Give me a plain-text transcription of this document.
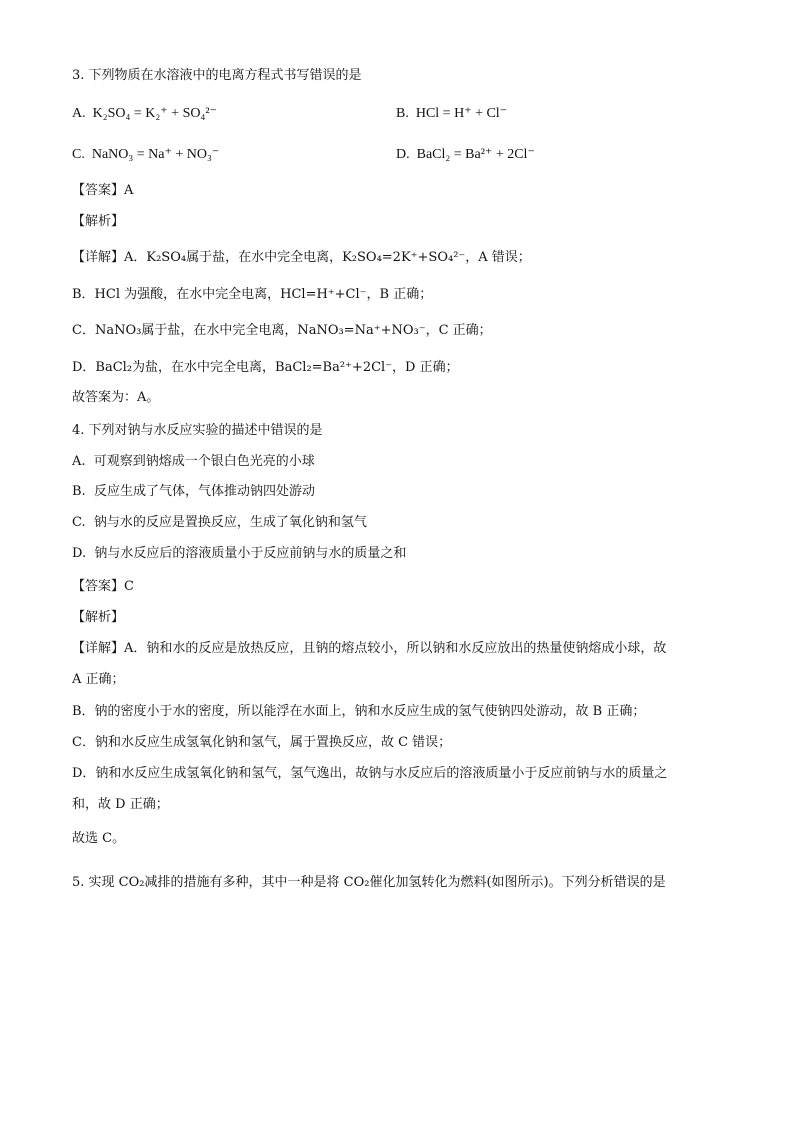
3. 下列物质在水溶液中的电离方程式书写错误的是
A. K₂SO₄ = K₂⁺ + SO₄²⁻	B. HCl = H⁺ + Cl⁻
C. NaNO₃ = Na⁺ + NO₃⁻	D. BaCl₂ = Ba²⁺ + 2Cl⁻
【答案】A
【解析】
【详解】A．K₂SO₄属于盐，在水中完全电离，K₂SO₄=2K⁺+SO₄²⁻，A 错误；
B．HCl 为强酸，在水中完全电离，HCl=H⁺+Cl⁻，B 正确；
C．NaNO₃属于盐，在水中完全电离，NaNO₃=Na⁺+NO₃⁻，C 正确；
D．BaCl₂为盐，在水中完全电离，BaCl₂=Ba²⁺+2Cl⁻，D 正确；
故答案为：A。
4. 下列对钠与水反应实验的描述中错误的是
A. 可观察到钠熔成一个银白色光亮的小球
B. 反应生成了气体，气体推动钠四处游动
C. 钠与水的反应是置换反应，生成了氧化钠和氢气
D. 钠与水反应后的溶液质量小于反应前钠与水的质量之和
【答案】C
【解析】
【详解】A．钠和水的反应是放热反应，且钠的熔点较小，所以钠和水反应放出的热量使钠熔成小球，故
A 正确；
B．钠的密度小于水的密度，所以能浮在水面上，钠和水反应生成的氢气使钠四处游动，故 B 正确；
C．钠和水反应生成氢氧化钠和氢气，属于置换反应，故 C 错误；
D．钠和水反应生成氢氧化钠和氢气，氢气逸出，故钠与水反应后的溶液质量小于反应前钠与水的质量之
和，故 D 正确；
故选 C。
5. 实现 CO₂减排的措施有多种，其中一种是将 CO₂催化加氢转化为燃料(如图所示)。下列分析错误的是
